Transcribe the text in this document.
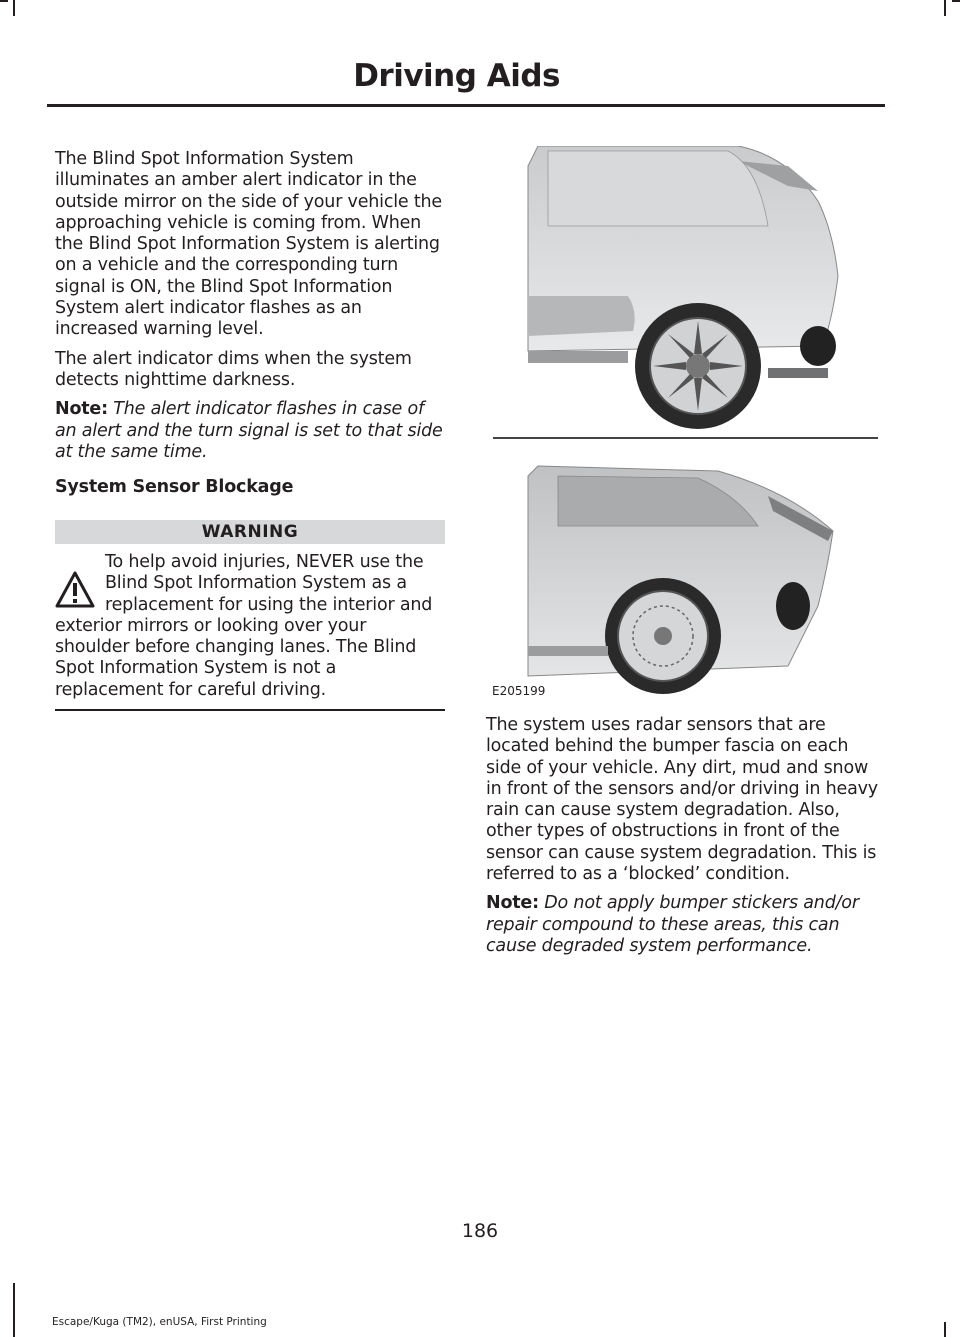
Driving Aids

The Blind Spot Information System illuminates an amber alert indicator in the outside mirror on the side of your vehicle the approaching vehicle is coming from. When the Blind Spot Information System is alerting on a vehicle and the corresponding turn signal is ON, the Blind Spot Information System alert indicator flashes as an increased warning level.

The alert indicator dims when the system detects nighttime darkness.

Note: The alert indicator flashes in case of an alert and the turn signal is set to that side at the same time.

System Sensor Blockage

WARNING
To help avoid injuries, NEVER use the Blind Spot Information System as a replacement for using the interior and exterior mirrors or looking over your shoulder before changing lanes. The Blind Spot Information System is not a replacement for careful driving.	E205199

The system uses radar sensors that are located behind the bumper fascia on each side of your vehicle. Any dirt, mud and snow in front of the sensors and/or driving in heavy rain can cause system degradation. Also, other types of obstructions in front of the sensor can cause system degradation. This is referred to as a ‘blocked’ condition.

Note: Do not apply bumper stickers and/or repair compound to these areas, this can cause degraded system performance.

186
Escape/Kuga (TM2), enUSA, First Printing
